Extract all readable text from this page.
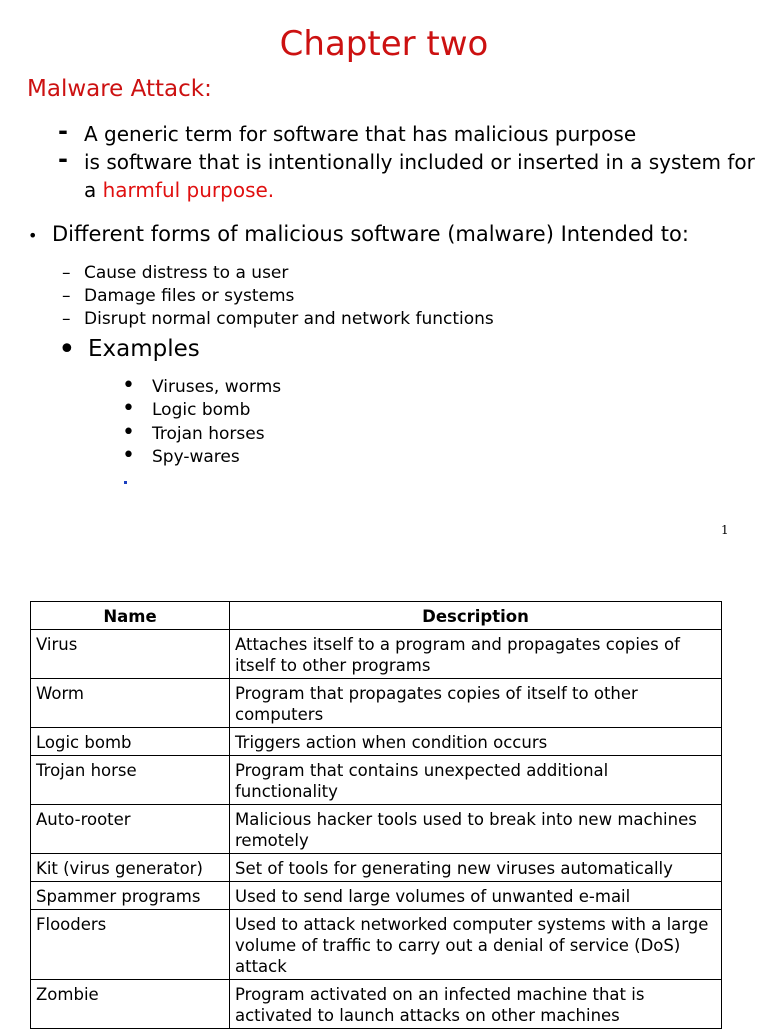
Chapter two
Malware Attack:
- A generic term for software that has malicious purpose
- is software that is intentionally included or inserted in a system for a harmful purpose.
• Different forms of malicious software (malware) Intended to:
– Cause distress to a user
– Damage files or systems
– Disrupt normal computer and network functions
• Examples
• Viruses, worms
• Logic bomb
• Trojan horses
• Spy-wares
1
Name	Description
Virus	Attaches itself to a program and propagates copies of itself to other programs
Worm	Program that propagates copies of itself to other computers
Logic bomb	Triggers action when condition occurs
Trojan horse	Program that contains unexpected additional functionality
Auto-rooter	Malicious hacker tools used to break into new machines remotely
Kit (virus generator)	Set of tools for generating new viruses automatically
Spammer programs	Used to send large volumes of unwanted e-mail
Flooders	Used to attack networked computer systems with a large volume of traffic to carry out a denial of service (DoS) attack
Zombie	Program activated on an infected machine that is activated to launch attacks on other machines
